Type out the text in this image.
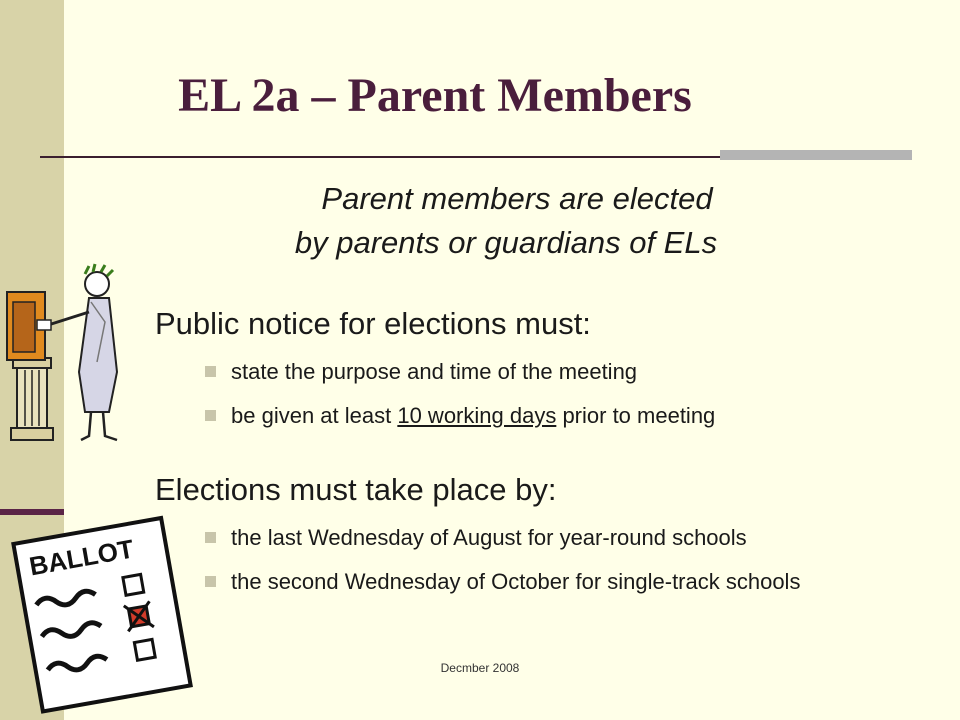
EL 2a – Parent Members
Parent members are elected
by parents or guardians of ELs
BALLOT
Public notice for elections must:
state the purpose and time of the meeting
be given at least 10 working days prior to meeting
Elections must take place by:
the last Wednesday of August for year-round schools
the second Wednesday of October for single-track schools
Decmber 2008
